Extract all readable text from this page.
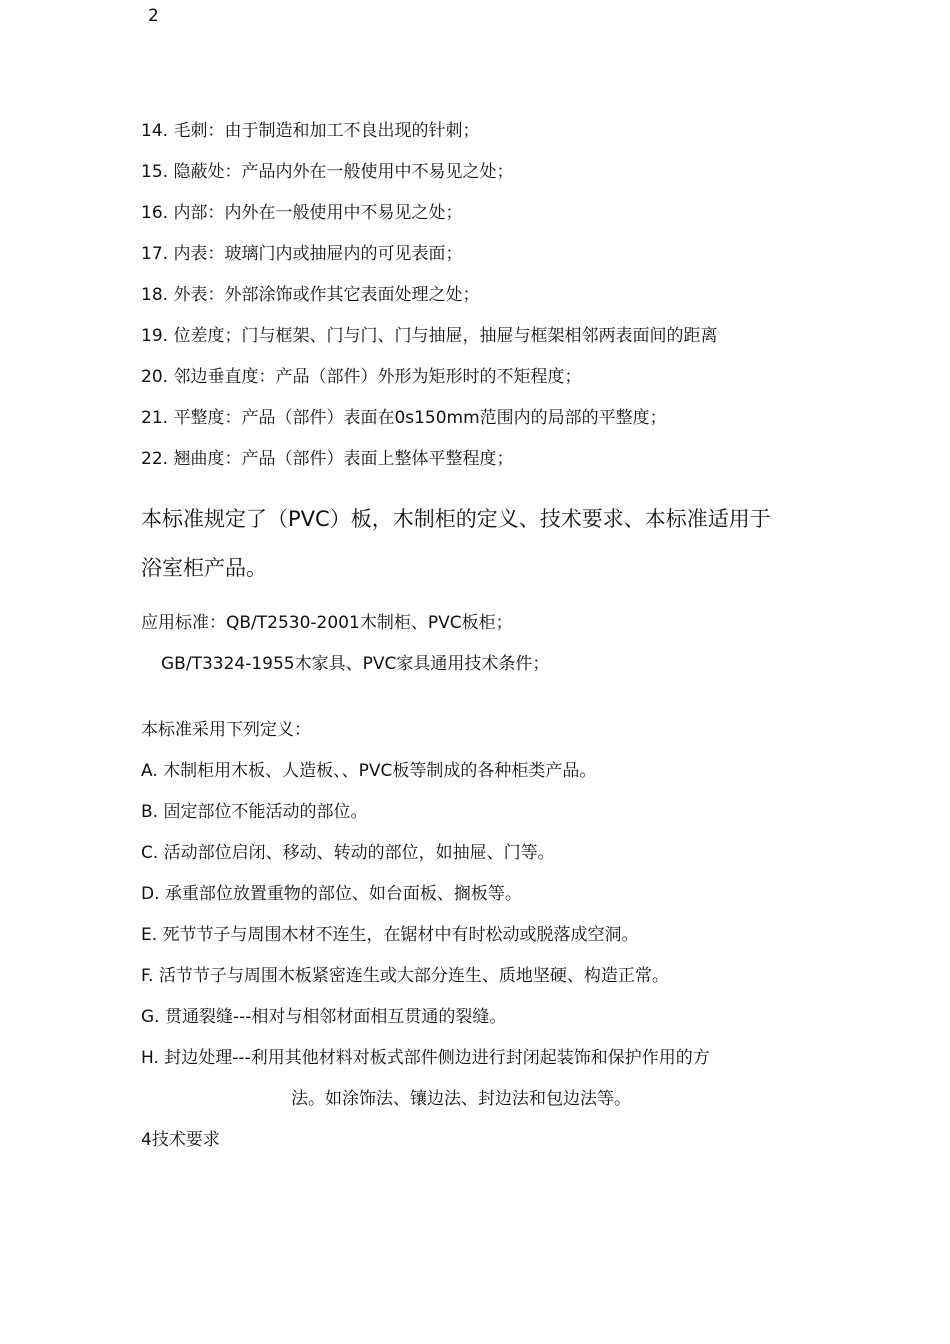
2
14. 毛刺：由于制造和加工不良出现的针刺；
15. 隐蔽处：产品内外在一般使用中不易见之处；
16. 内部：内外在一般使用中不易见之处；
17. 内表：玻璃门内或抽屉内的可见表面；
18. 外表：外部涂饰或作其它表面处理之处；
19. 位差度；门与框架、门与门、门与抽屉，抽屉与框架相邻两表面间的距离
20. 邻边垂直度：产品（部件）外形为矩形时的不矩程度；
21. 平整度：产品（部件）表面在0s150mm范围内的局部的平整度；
22. 翘曲度：产品（部件）表面上整体平整程度；
本标准规定了（PVC）板，木制柜的定义、技术要求、本标准适用于
浴室柜产品。
应用标准：QB/T2530-2001木制柜、PVC板柜；
GB/T3324-1955木家具、PVC家具通用技术条件；
本标准采用下列定义：
A. 木制柜用木板、人造板、、PVC板等制成的各种柜类产品。
B. 固定部位不能活动的部位。
C. 活动部位启闭、移动、转动的部位，如抽屉、门等。
D. 承重部位放置重物的部位、如台面板、搁板等。
E. 死节节子与周围木材不连生，在锯材中有时松动或脱落成空洞。
F. 活节节子与周围木板紧密连生或大部分连生、质地坚硬、构造正常。
G. 贯通裂缝---相对与相邻材面相互贯通的裂缝。
H. 封边处理---利用其他材料对板式部件侧边进行封闭起装饰和保护作用的方
法。如涂饰法、镶边法、封边法和包边法等。
4技术要求
